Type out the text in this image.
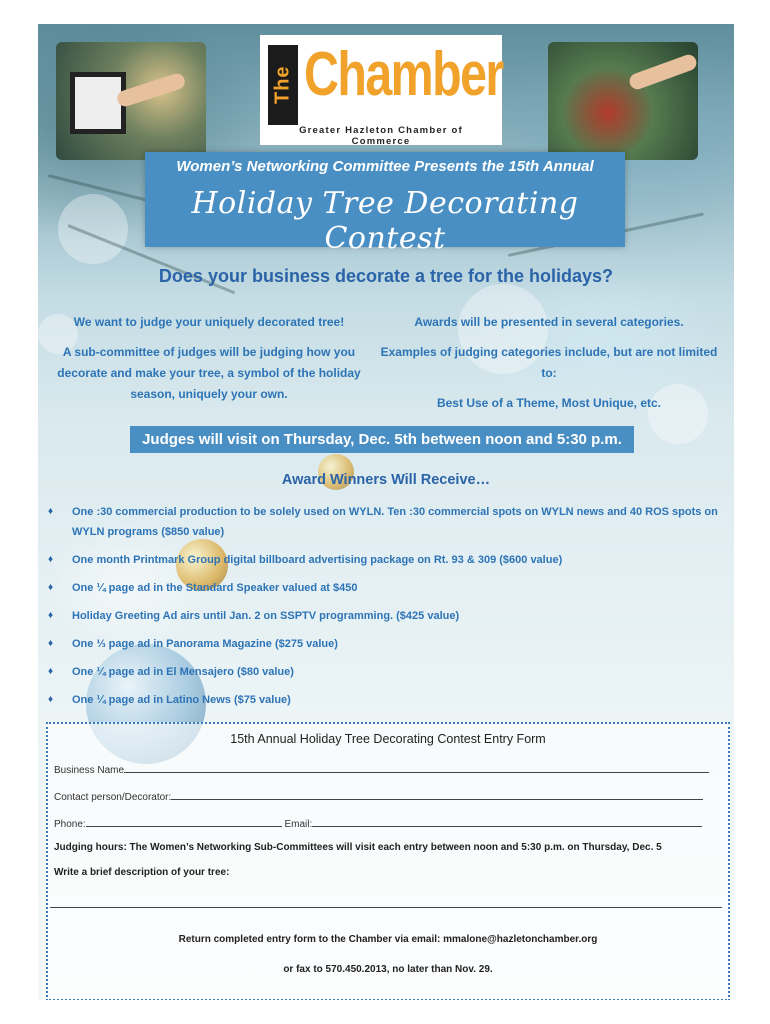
The Chamber
Greater Hazleton Chamber of Commerce
Women’s Networking Committee Presents the 15th Annual
Holiday Tree Decorating Contest
Does your business decorate a tree for the holidays?

We want to judge your uniquely decorated tree!

A sub-committee of judges will be judging how you decorate and make your tree, a symbol of the holiday season, uniquely your own.

Awards will be presented in several categories.

Examples of judging categories include, but are not limited to:

Best Use of a Theme, Most Unique, etc.

Judges will visit on Thursday, Dec. 5th between noon and 5:30 p.m.
Award Winners Will Receive…
♦ One :30 commercial production to be solely used on WYLN. Ten :30 commercial spots on WYLN news and 40 ROS spots on WYLN programs ($850 value)
♦ One month Printmark Group digital billboard advertising package on Rt. 93 & 309 ($600 value)
♦ One ¼ page ad in the Standard Speaker valued at $450
♦ Holiday Greeting Ad airs until Jan. 2 on SSPTV programming. ($425 value)
♦ One ⅓ page ad in Panorama Magazine ($275 value)
♦ One ¼ page ad in El Mensajero ($80 value)
♦ One ¼ page ad in Latino News ($75 value)
15th Annual Holiday Tree Decorating Contest Entry Form
Business Name
Contact person/Decorator:
Phone:	Email:
Judging hours: The Women’s Networking Sub-Committees will visit each entry between noon and 5:30 p.m. on Thursday, Dec. 5
Write a brief description of your tree:
Return completed entry form to the Chamber via email: mmalone@hazletonchamber.org
or fax to 570.450.2013, no later than Nov. 29.
